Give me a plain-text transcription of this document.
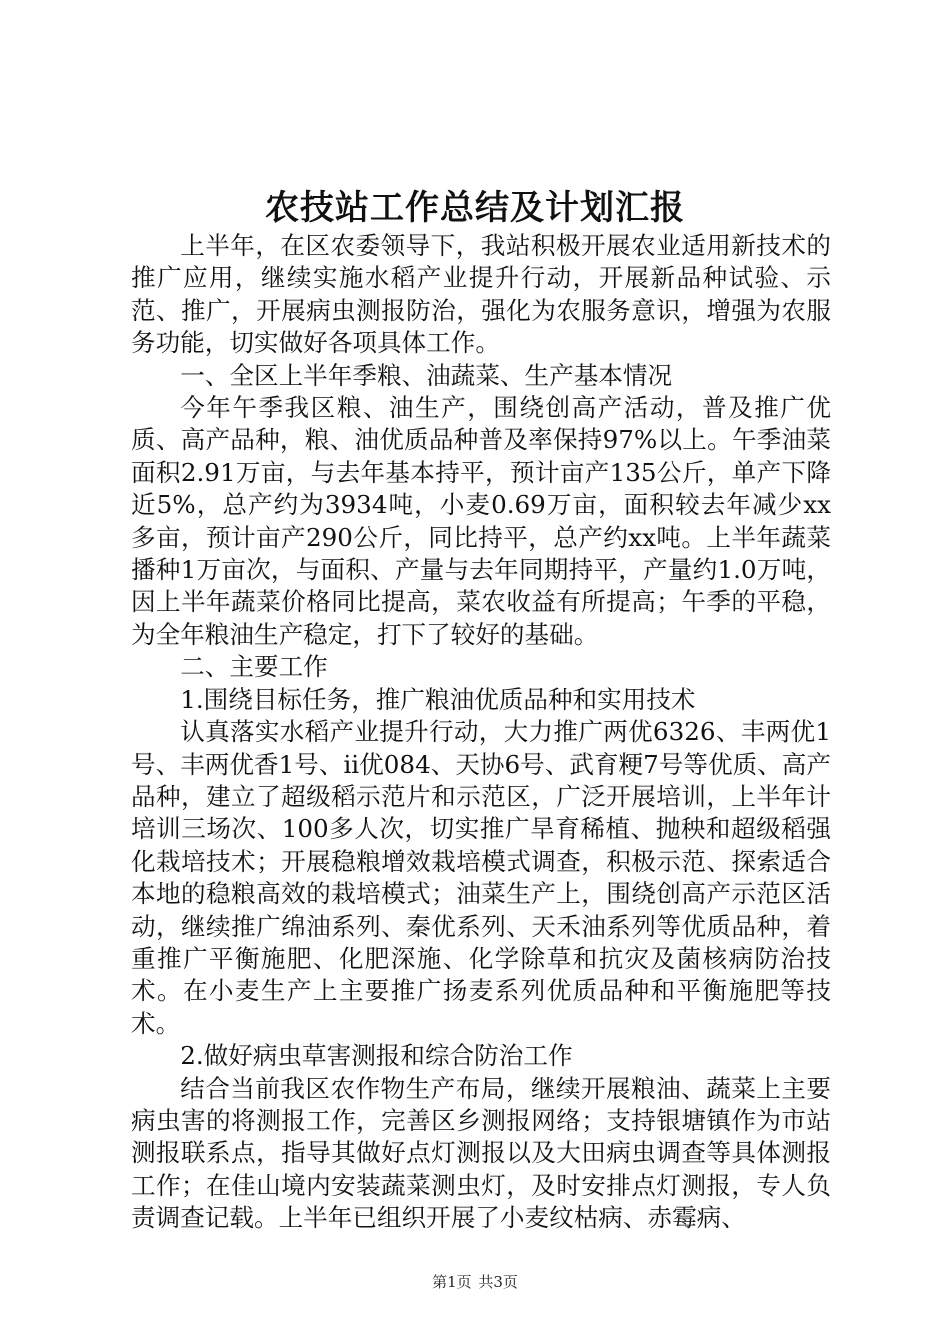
农技站工作总结及计划汇报

上半年，在区农委领导下，我站积极开展农业适用新技术的推广应用，继续实施水稻产业提升行动，开展新品种试验、示范、推广，开展病虫测报防治，强化为农服务意识，增强为农服务功能，切实做好各项具体工作。

一、全区上半年季粮、油蔬菜、生产基本情况

今年午季我区粮、油生产，围绕创高产活动，普及推广优质、高产品种，粮、油优质品种普及率保持97%以上。午季油菜面积2.91万亩，与去年基本持平，预计亩产135公斤，单产下降近5%，总产约为3934吨，小麦0.69万亩，面积较去年减少xx多亩，预计亩产290公斤，同比持平，总产约xx吨。上半年蔬菜播种1万亩次，与面积、产量与去年同期持平，产量约1.0万吨，因上半年蔬菜价格同比提高，菜农收益有所提高；午季的平稳，为全年粮油生产稳定，打下了较好的基础。

二、主要工作

1.围绕目标任务，推广粮油优质品种和实用技术

认真落实水稻产业提升行动，大力推广两优6326、丰两优1号、丰两优香1号、ii优084、天协6号、武育粳7号等优质、高产品种，建立了超级稻示范片和示范区，广泛开展培训，上半年计培训三场次、100多人次，切实推广旱育稀植、抛秧和超级稻强化栽培技术；开展稳粮增效栽培模式调查，积极示范、探索适合本地的稳粮高效的栽培模式；油菜生产上，围绕创高产示范区活动，继续推广绵油系列、秦优系列、天禾油系列等优质品种，着重推广平衡施肥、化肥深施、化学除草和抗灾及菌核病防治技术。在小麦生产上主要推广扬麦系列优质品种和平衡施肥等技术。

2.做好病虫草害测报和综合防治工作

结合当前我区农作物生产布局，继续开展粮油、蔬菜上主要病虫害的将测报工作，完善区乡测报网络；支持银塘镇作为市站测报联系点，指导其做好点灯测报以及大田病虫调查等具体测报工作；在佳山境内安装蔬菜测虫灯，及时安排点灯测报，专人负责调查记载。上半年已组织开展了小麦纹枯病、赤霉病、

第1页 共3页
